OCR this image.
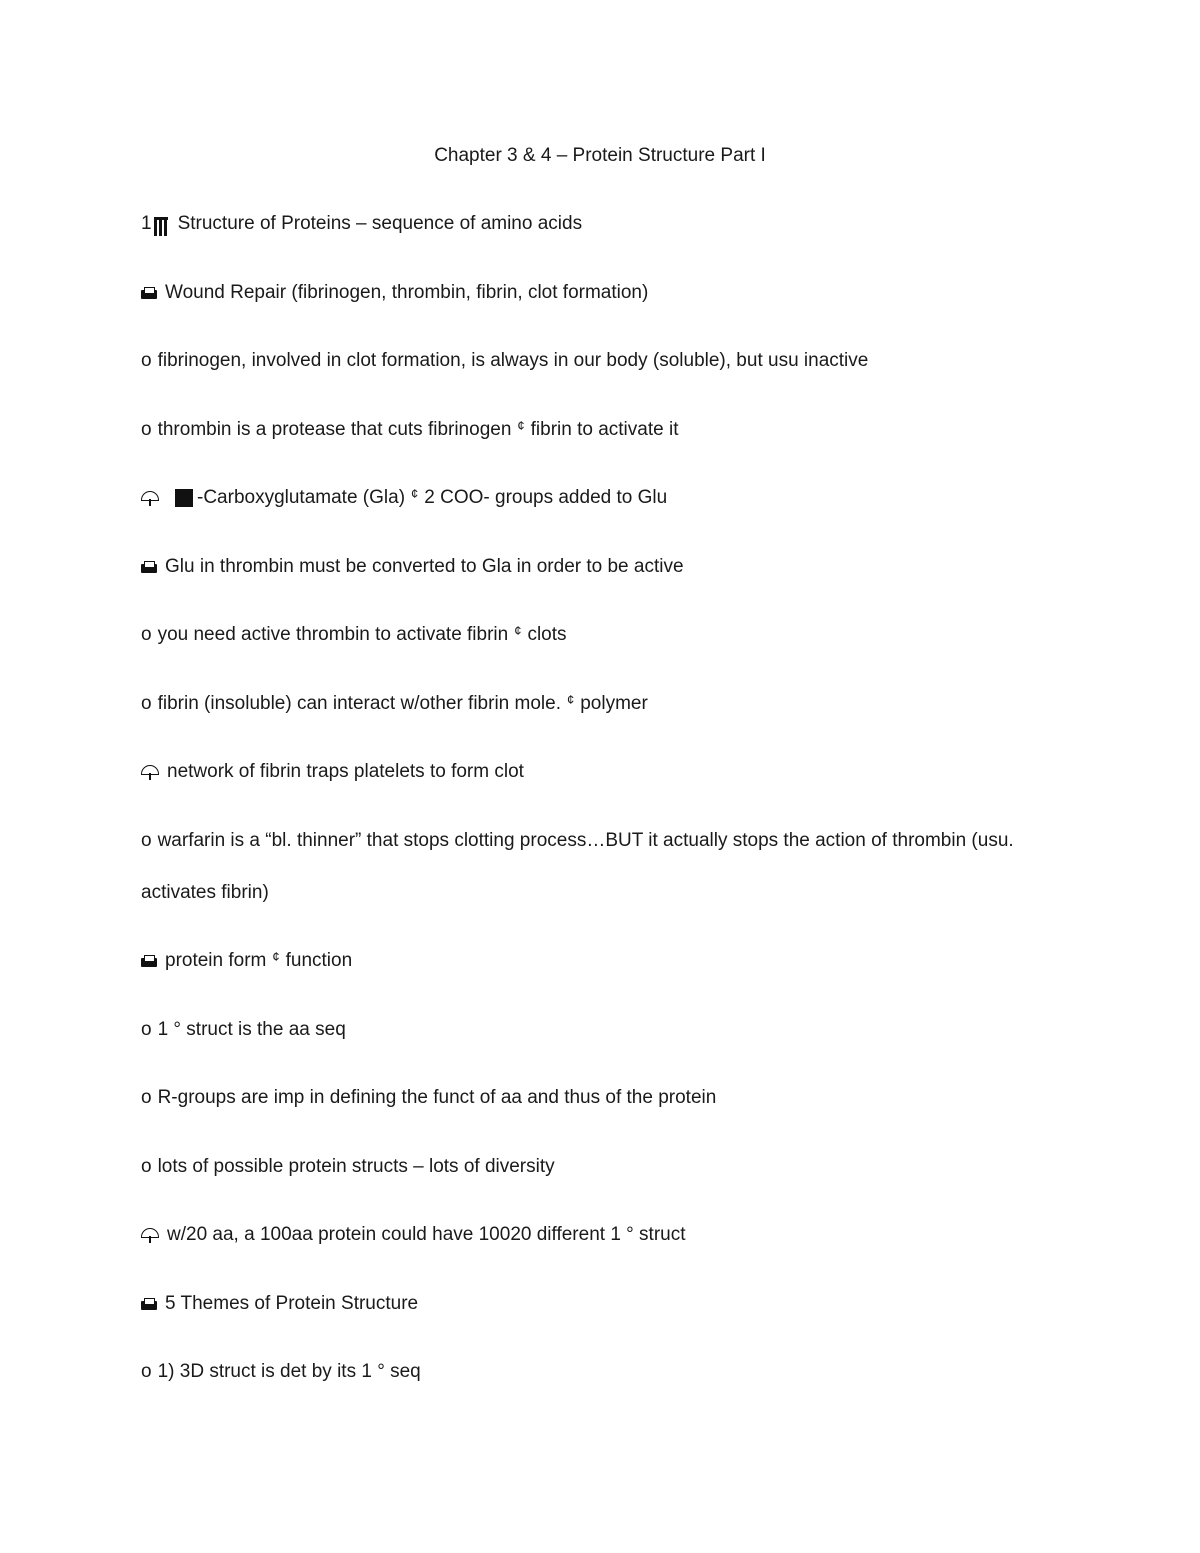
Chapter 3 & 4 – Protein Structure Part I
1 Structure of Proteins – sequence of amino acids
Wound Repair (fibrinogen, thrombin, fibrin, clot formation)
o fibrinogen, involved in clot formation, is always in our body (soluble), but usu inactive
o thrombin is a protease that cuts fibrinogen ¢ fibrin to activate it
-Carboxyglutamate (Gla) ¢ 2 COO- groups added to Glu
Glu in thrombin must be converted to Gla in order to be active
o you need active thrombin to activate fibrin ¢ clots
o fibrin (insoluble) can interact w/other fibrin mole. ¢ polymer
network of fibrin traps platelets to form clot
o warfarin is a “bl. thinner” that stops clotting process…BUT it actually stops the action of thrombin (usu.
activates fibrin)
protein form ¢ function
o 1 ° struct is the aa seq
o R-groups are imp in defining the funct of aa and thus of the protein
o lots of possible protein structs – lots of diversity
w/20 aa, a 100aa protein could have 10020 different 1 ° struct
5 Themes of Protein Structure
o 1) 3D struct is det by its 1 ° seq
